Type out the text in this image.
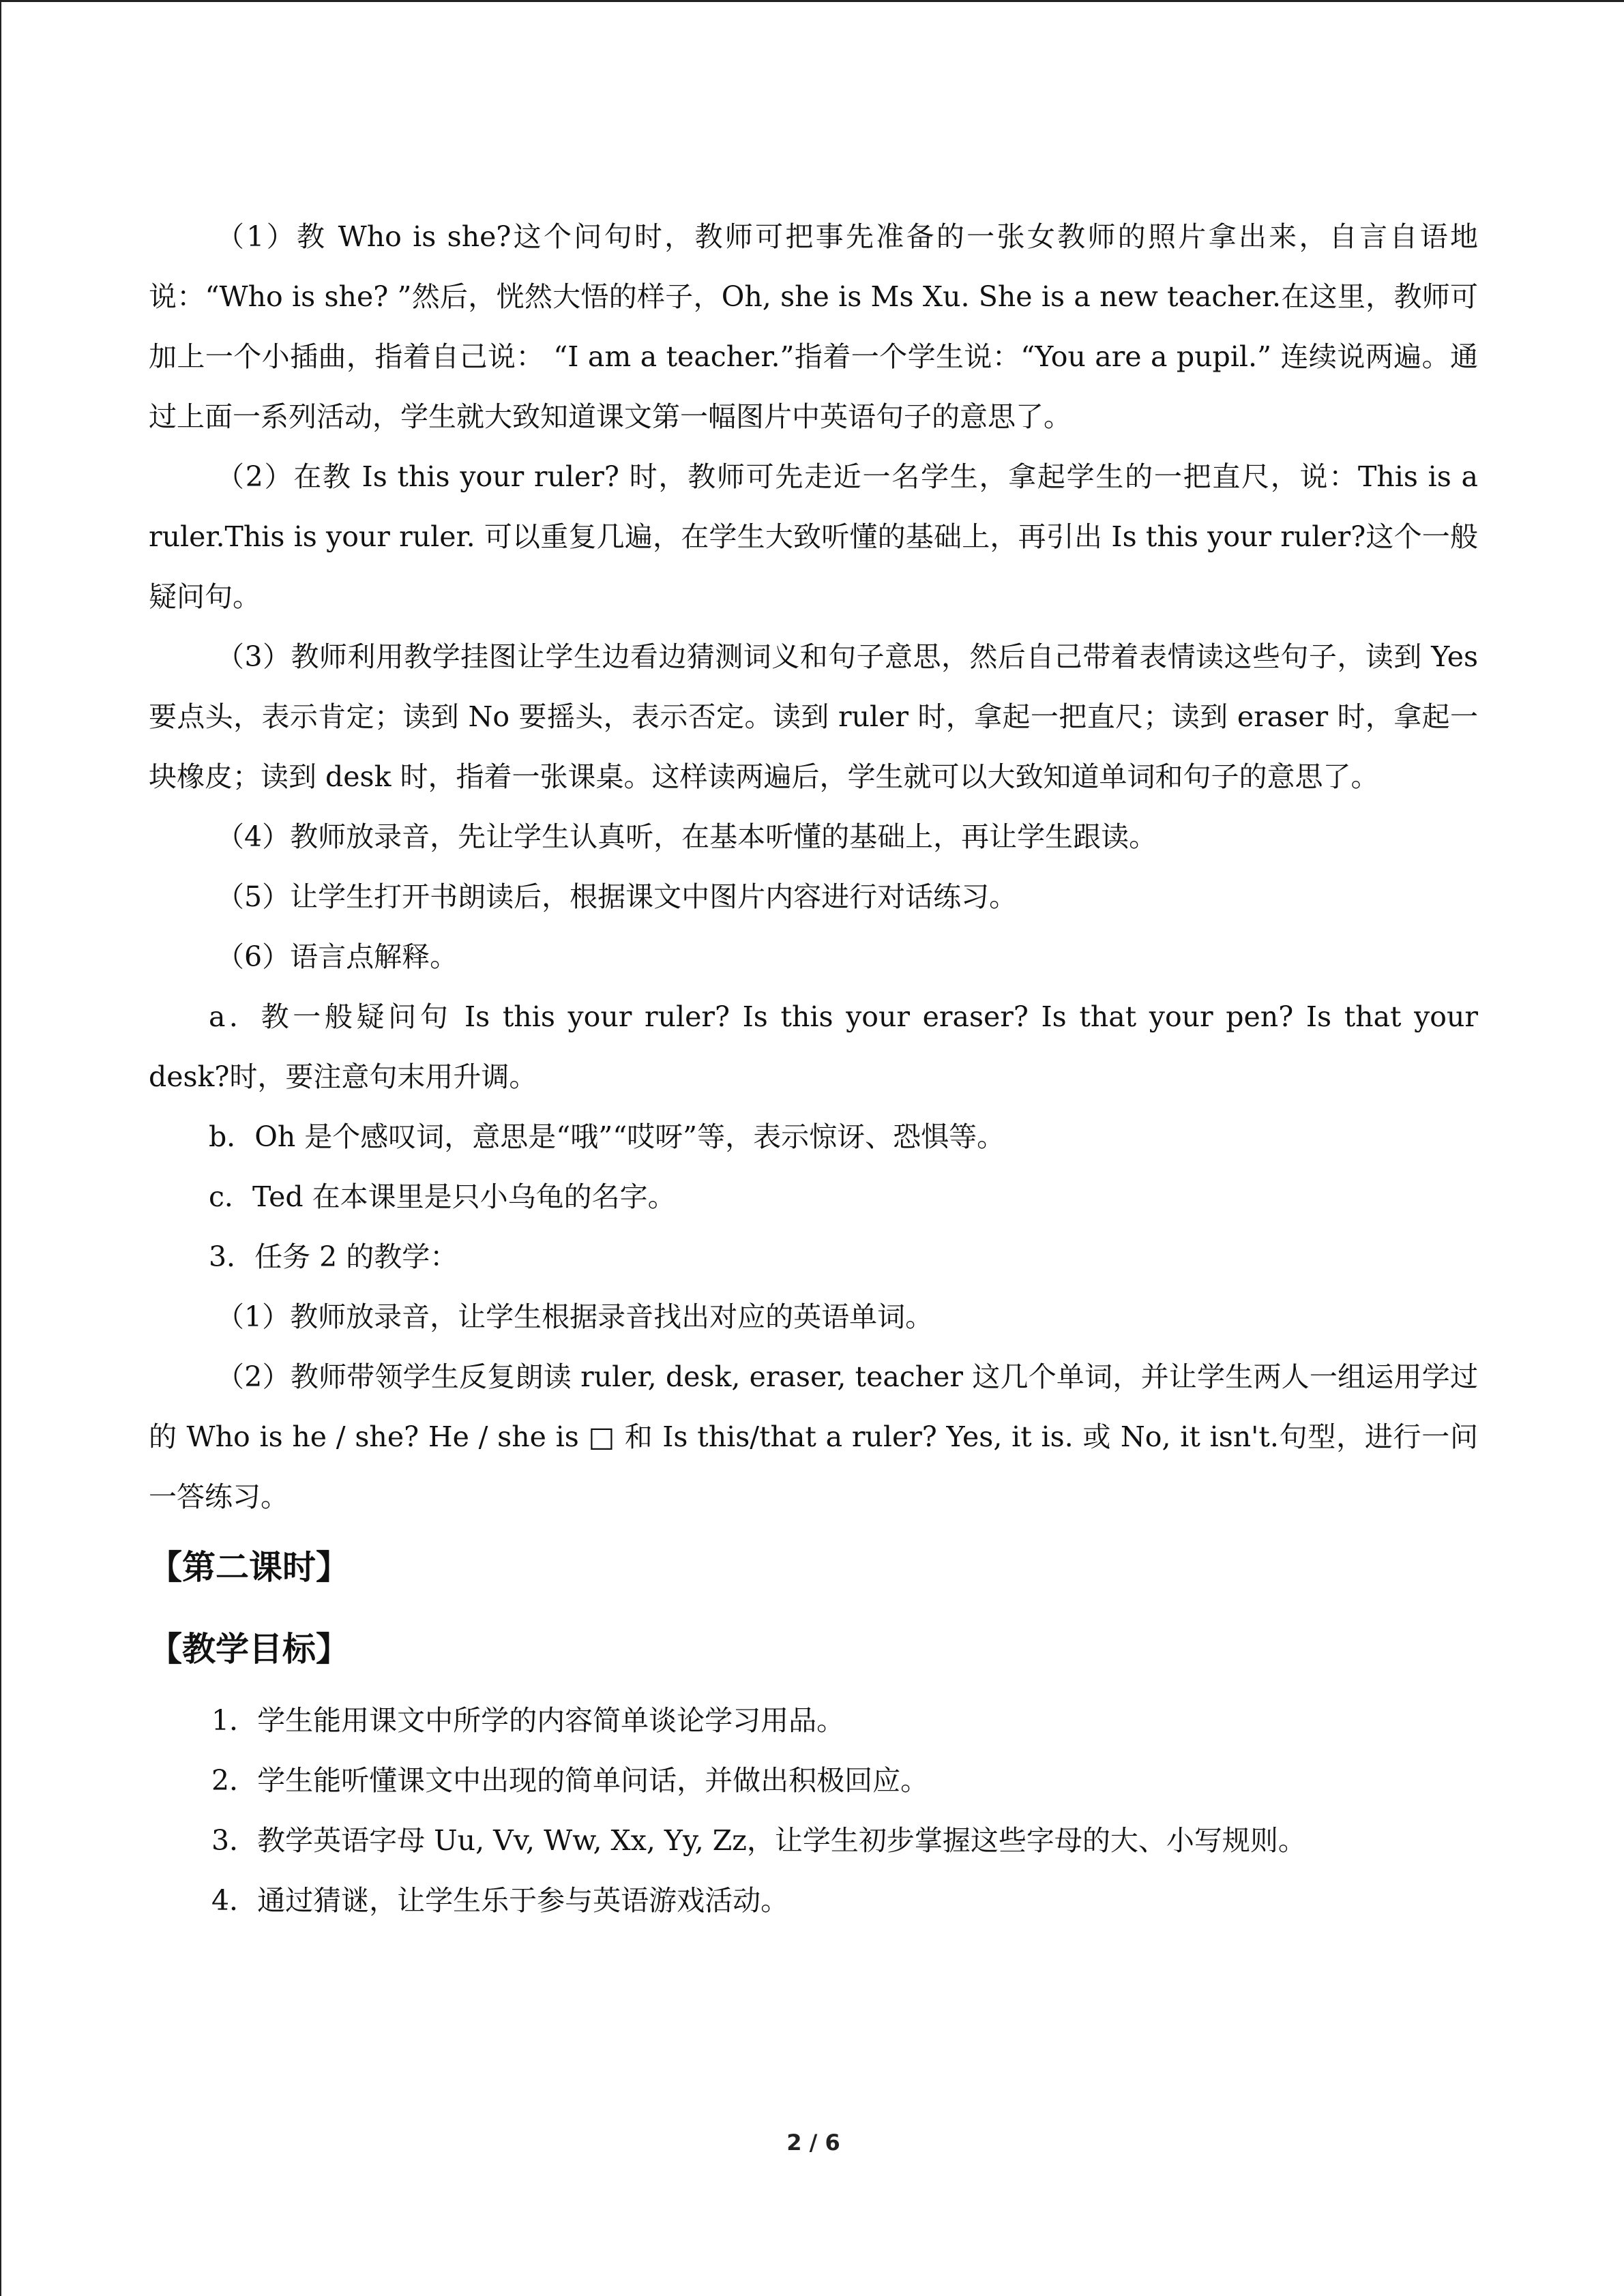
（1）教 Who is she?这个问句时，教师可把事先准备的一张女教师的照片拿出来，自言自语地说：“Who is she? ”然后，恍然大悟的样子，Oh, she is Ms Xu. She is a new teacher.在这里，教师可加上一个小插曲，指着自己说： “I am a teacher.”指着一个学生说：“You are a pupil.” 连续说两遍。通过上面一系列活动，学生就大致知道课文第一幅图片中英语句子的意思了。

（2）在教 Is this your ruler? 时，教师可先走近一名学生，拿起学生的一把直尺，说：This is a ruler.This is your ruler. 可以重复几遍，在学生大致听懂的基础上，再引出 Is this your ruler?这个一般疑问句。

（3）教师利用教学挂图让学生边看边猜测词义和句子意思，然后自己带着表情读这些句子，读到 Yes 要点头，表示肯定；读到 No 要摇头，表示否定。读到 ruler 时，拿起一把直尺；读到 eraser 时，拿起一块橡皮；读到 desk 时，指着一张课桌。这样读两遍后，学生就可以大致知道单词和句子的意思了。

（4）教师放录音，先让学生认真听，在基本听懂的基础上，再让学生跟读。

（5）让学生打开书朗读后，根据课文中图片内容进行对话练习。

（6）语言点解释。

a．教一般疑问句 Is this your ruler? Is this your eraser? Is that your pen? Is that your desk?时，要注意句末用升调。

b．Oh 是个感叹词，意思是“哦”“哎呀”等，表示惊讶、恐惧等。

c．Ted 在本课里是只小乌龟的名字。

3．任务 2 的教学：

（1）教师放录音，让学生根据录音找出对应的英语单词。

（2）教师带领学生反复朗读 ruler, desk, eraser, teacher 这几个单词，并让学生两人一组运用学过的 Who is he / she? He / she is □ 和 Is this/that a ruler? Yes, it is. 或 No, it isn't.句型，进行一问一答练习。

【第二课时】
【教学目标】

1．学生能用课文中所学的内容简单谈论学习用品。

2．学生能听懂课文中出现的简单问话，并做出积极回应。

3．教学英语字母 Uu, Vv, Ww, Xx, Yy, Zz，让学生初步掌握这些字母的大、小写规则。

4．通过猜谜，让学生乐于参与英语游戏活动。

2 / 6
